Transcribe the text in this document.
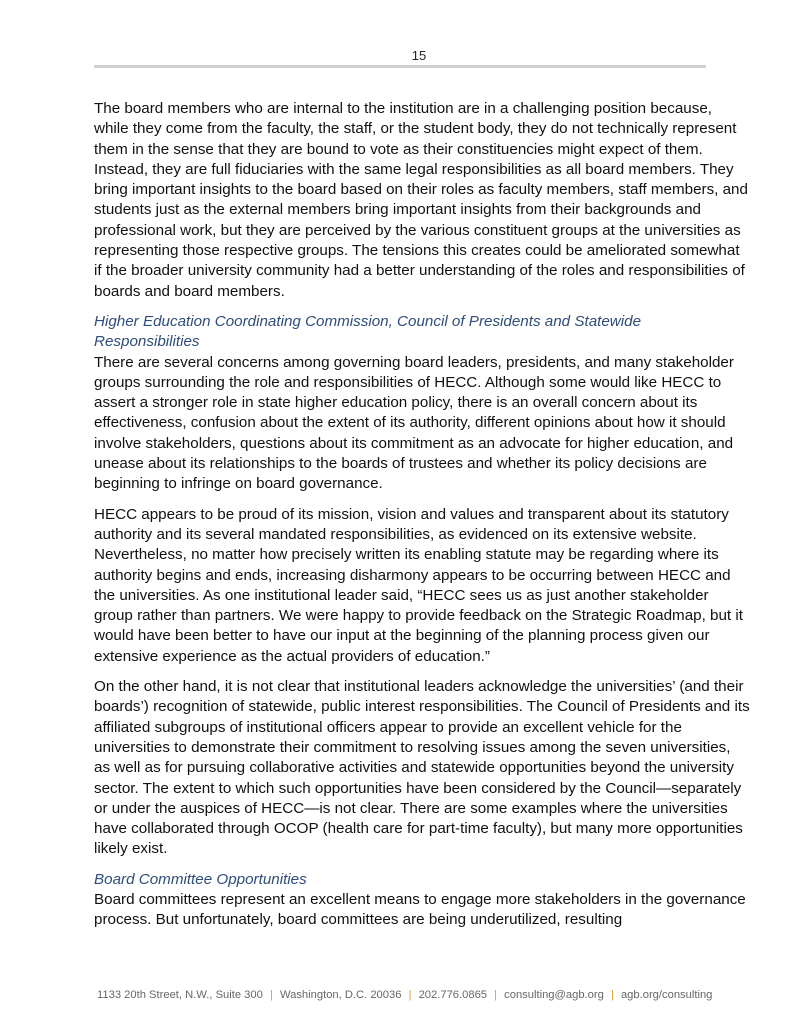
15

The board members who are internal to the institution are in a challenging position because, while they come from the faculty, the staff, or the student body, they do not technically represent them in the sense that they are bound to vote as their constituencies might expect of them. Instead, they are full fiduciaries with the same legal responsibilities as all board members. They bring important insights to the board based on their roles as faculty members, staff members, and students just as the external members bring important insights from their backgrounds and professional work, but they are perceived by the various constituent groups at the universities as representing those respective groups. The tensions this creates could be ameliorated somewhat if the broader university community had a better understanding of the roles and responsibilities of boards and board members.

Higher Education Coordinating Commission, Council of Presidents and Statewide Responsibilities

There are several concerns among governing board leaders, presidents, and many stakeholder groups surrounding the role and responsibilities of HECC. Although some would like HECC to assert a stronger role in state higher education policy, there is an overall concern about its effectiveness, confusion about the extent of its authority, different opinions about how it should involve stakeholders, questions about its commitment as an advocate for higher education, and unease about its relationships to the boards of trustees and whether its policy decisions are beginning to infringe on board governance.

HECC appears to be proud of its mission, vision and values and transparent about its statutory authority and its several mandated responsibilities, as evidenced on its extensive website. Nevertheless, no matter how precisely written its enabling statute may be regarding where its authority begins and ends, increasing disharmony appears to be occurring between HECC and the universities. As one institutional leader said, “HECC sees us as just another stakeholder group rather than partners. We were happy to provide feedback on the Strategic Roadmap, but it would have been better to have our input at the beginning of the planning process given our extensive experience as the actual providers of education.”

On the other hand, it is not clear that institutional leaders acknowledge the universities’ (and their boards’) recognition of statewide, public interest responsibilities. The Council of Presidents and its affiliated subgroups of institutional officers appear to provide an excellent vehicle for the universities to demonstrate their commitment to resolving issues among the seven universities, as well as for pursuing collaborative activities and statewide opportunities beyond the university sector. The extent to which such opportunities have been considered by the Council—separately or under the auspices of HECC—is not clear. There are some examples where the universities have collaborated through OCOP (health care for part-time faculty), but many more opportunities likely exist.

Board Committee Opportunities

Board committees represent an excellent means to engage more stakeholders in the governance process. But unfortunately, board committees are being underutilized, resulting

1133 20th Street, N.W., Suite 300 | Washington, D.C. 20036 | 202.776.0865 | consulting@agb.org | agb.org/consulting
